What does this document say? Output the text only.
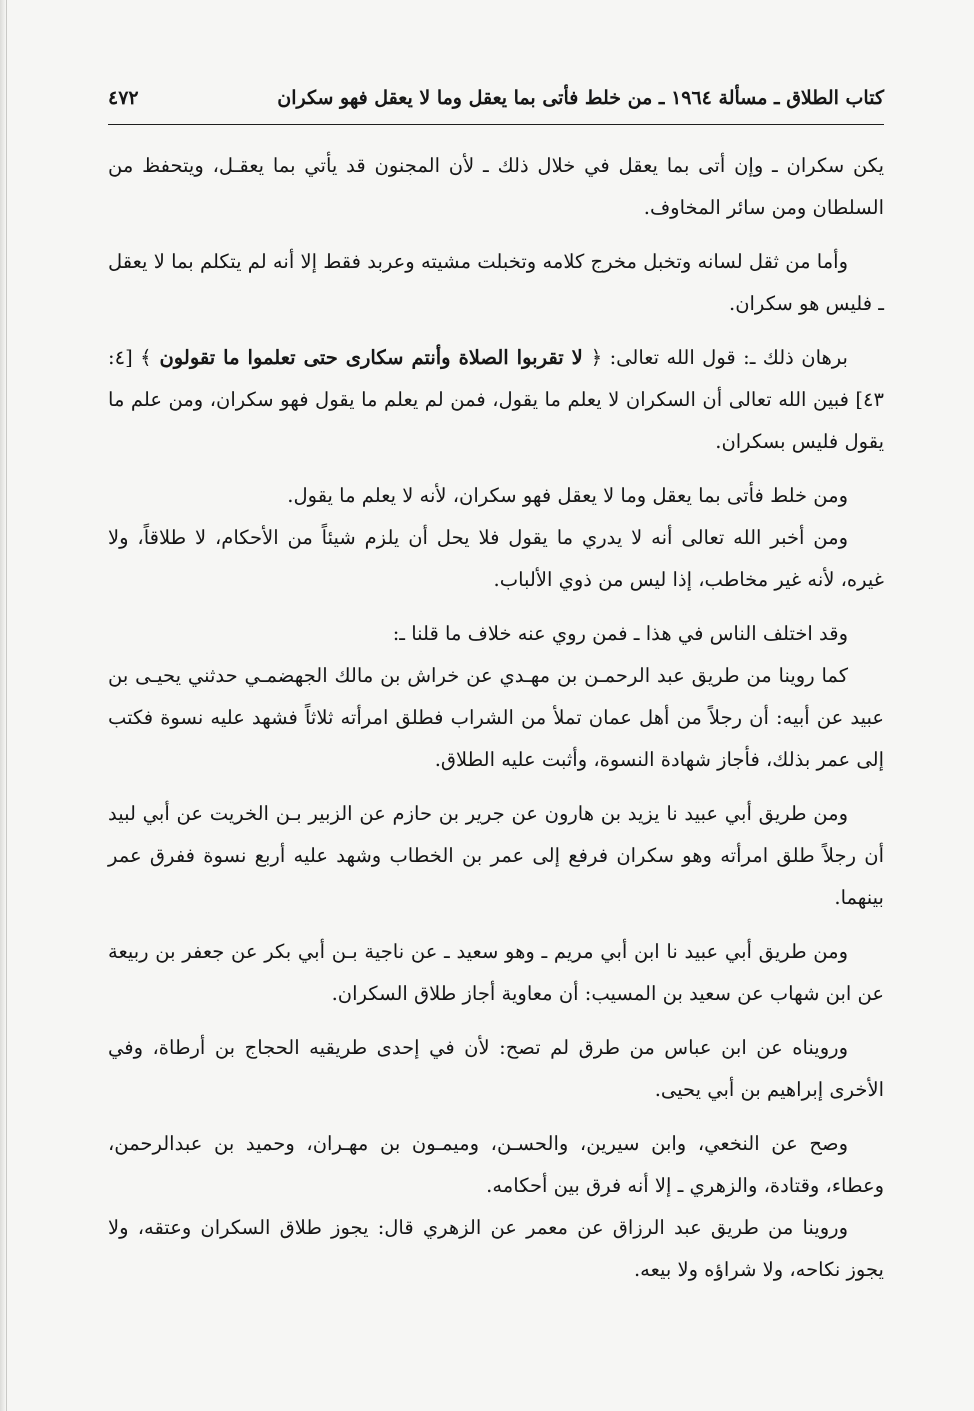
كتاب الطلاق ـ مسألة ١٩٦٤ ـ من خلط فأتى بما يعقل وما لا يعقل فهو سكران
٤٧٢

يكن سكران ـ وإن أتى بما يعقل في خلال ذلك ـ لأن المجنون قد يأتي بما يعقـل، ويتحفظ من السلطان ومن سائر المخاوف.

وأما من ثقل لسانه وتخبل مخرج كلامه وتخبلت مشيته وعربد فقط إلا أنه لم يتكلم بما لا يعقل ـ فليس هو سكران.

برهان ذلك ـ: قول الله تعالى: ﴿ لا تقربوا الصلاة وأنتم سكارى حتى تعلموا ما تقولون ﴾ [٤: ٤٣] فبين الله تعالى أن السكران لا يعلم ما يقول، فمن لم يعلم ما يقول فهو سكران، ومن علم ما يقول فليس بسكران.

ومن خلط فأتى بما يعقل وما لا يعقل فهو سكران، لأنه لا يعلم ما يقول.

ومن أخبر الله تعالى أنه لا يدري ما يقول فلا يحل أن يلزم شيئاً من الأحكام، لا طلاقاً، ولا غيره، لأنه غير مخاطب، إذا ليس من ذوي الألباب.

وقد اختلف الناس في هذا ـ فمن روي عنه خلاف ما قلنا ـ:

كما روينا من طريق عبد الرحمـن بن مهـدي عن خراش بن مالك الجهضمـي حدثني يحيـى بن عبيد عن أبيه: أن رجلاً من أهل عمان تملأ من الشراب فطلق امرأته ثلاثاً فشهد عليه نسوة فكتب إلى عمر بذلك، فأجاز شهادة النسوة، وأثبت عليه الطلاق.

ومن طريق أبي عبيد نا يزيد بن هارون عن جرير بن حازم عن الزبير بـن الخريت عن أبي لبيد أن رجلاً طلق امرأته وهو سكران فرفع إلى عمر بن الخطاب وشهد عليه أربع نسوة ففرق عمر بينهما.

ومن طريق أبي عبيد نا ابن أبي مريم ـ وهو سعيد ـ عن ناجية بـن أبي بكر عن جعفر بن ربيعة عن ابن شهاب عن سعيد بن المسيب: أن معاوية أجاز طلاق السكران.

ورويناه عن ابن عباس من طرق لم تصح: لأن في إحدى طريقيه الحجاج بن أرطاة، وفي الأخرى إبراهيم بن أبي يحيى.

وصح عن النخعي، وابن سيرين، والحسـن، وميمـون بن مهـران، وحميد بن عبدالرحمن، وعطاء، وقتادة، والزهري ـ إلا أنه فرق بين أحكامه.

وروينا من طريق عبد الرزاق عن معمر عن الزهري قال: يجوز طلاق السكران وعتقه، ولا يجوز نكاحه، ولا شراؤه ولا بيعه.
